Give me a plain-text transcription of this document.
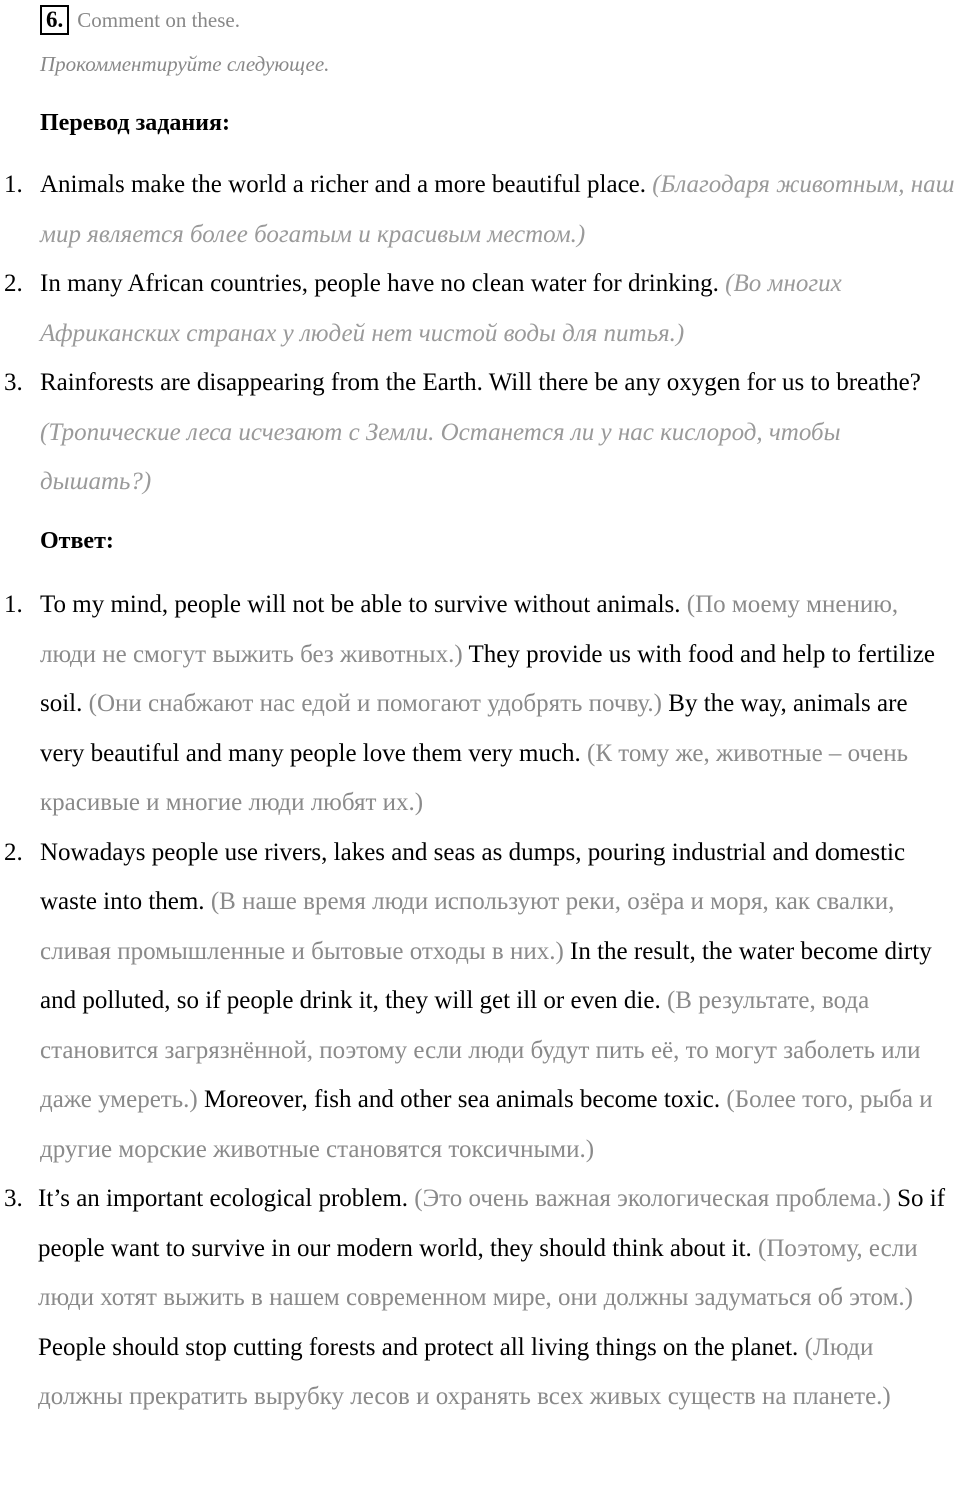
6. Comment on these.
Прокомментируйте следующее.
Перевод задания:
1. Animals make the world a richer and a more beautiful place. (Благодаря животным, наш мир является более богатым и красивым местом.)
2. In many African countries, people have no clean water for drinking. (Во многих Африканских странах у людей нет чистой воды для питья.)
3. Rainforests are disappearing from the Earth. Will there be any oxygen for us to breathe? (Тропические леса исчезают с Земли. Останется ли у нас кислород, чтобы дышать?)
Ответ:
1. To my mind, people will not be able to survive without animals. (По моему мнению, люди не смогут выжить без животных.) They provide us with food and help to fertilize soil. (Они снабжают нас едой и помогают удобрять почву.) By the way, animals are very beautiful and many people love them very much. (К тому же, животные – очень красивые и многие люди любят их.)
2. Nowadays people use rivers, lakes and seas as dumps, pouring industrial and domestic waste into them. (В наше время люди используют реки, озёра и моря, как свалки, сливая промышленные и бытовые отходы в них.) In the result, the water become dirty and polluted, so if people drink it, they will get ill or even die. (В результате, вода становится загрязнённой, поэтому если люди будут пить её, то могут заболеть или даже умереть.) Moreover, fish and other sea animals become toxic. (Более того, рыба и другие морские животные становятся токсичными.)
3. It’s an important ecological problem. (Это очень важная экологическая проблема.) So if people want to survive in our modern world, they should think about it. (Поэтому, если люди хотят выжить в нашем современном мире, они должны задуматься об этом.) People should stop cutting forests and protect all living things on the planet. (Люди должны прекратить вырубку лесов и охранять всех живых существ на планете.)
